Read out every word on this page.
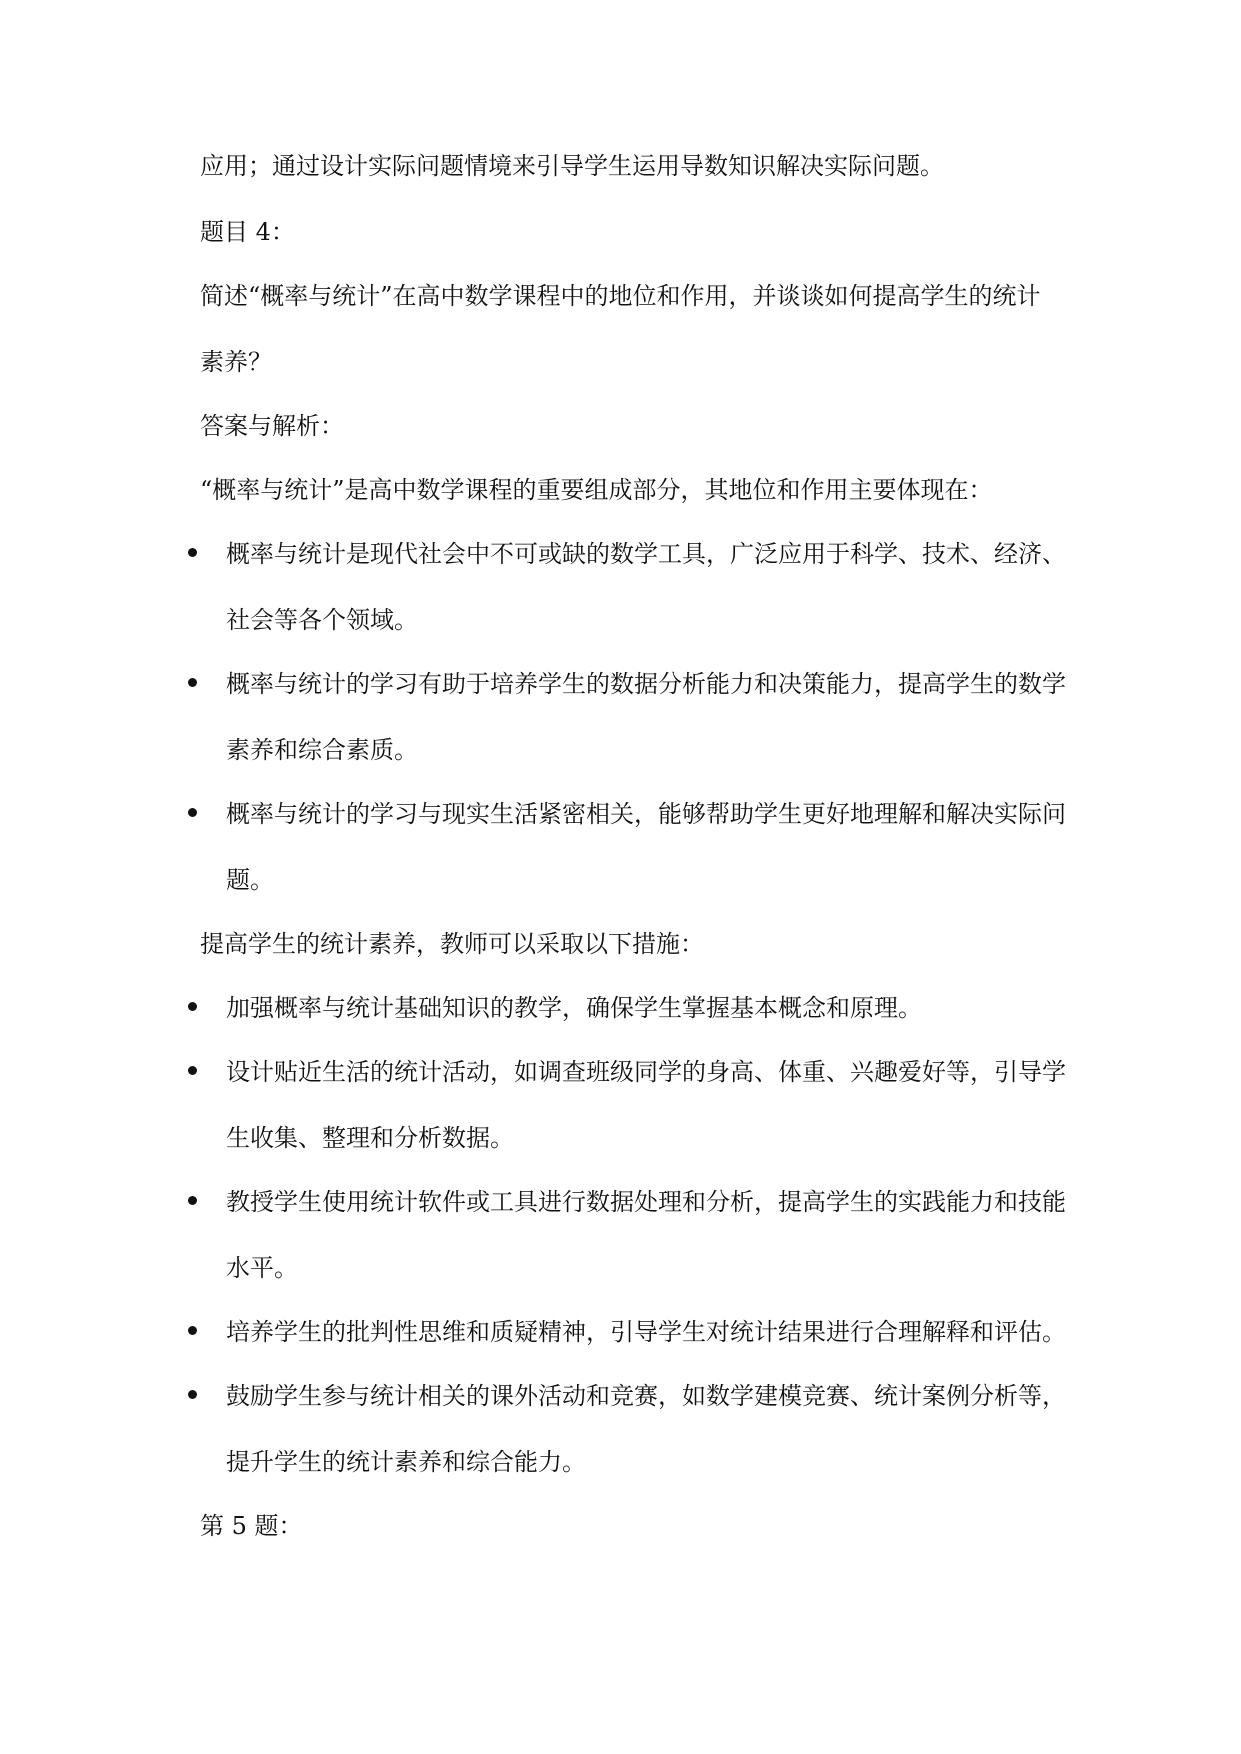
应用；通过设计实际问题情境来引导学生运用导数知识解决实际问题。
题目 4：
简述“概率与统计”在高中数学课程中的地位和作用，并谈谈如何提高学生的统计
素养？
答案与解析：
“概率与统计”是高中数学课程的重要组成部分，其地位和作用主要体现在：
概率与统计是现代社会中不可或缺的数学工具，广泛应用于科学、技术、经济、
社会等各个领域。
概率与统计的学习有助于培养学生的数据分析能力和决策能力，提高学生的数学
素养和综合素质。
概率与统计的学习与现实生活紧密相关，能够帮助学生更好地理解和解决实际问
题。
提高学生的统计素养，教师可以采取以下措施：
加强概率与统计基础知识的教学，确保学生掌握基本概念和原理。
设计贴近生活的统计活动，如调查班级同学的身高、体重、兴趣爱好等，引导学
生收集、整理和分析数据。
教授学生使用统计软件或工具进行数据处理和分析，提高学生的实践能力和技能
水平。
培养学生的批判性思维和质疑精神，引导学生对统计结果进行合理解释和评估。
鼓励学生参与统计相关的课外活动和竞赛，如数学建模竞赛、统计案例分析等，
提升学生的统计素养和综合能力。
第 5 题：
